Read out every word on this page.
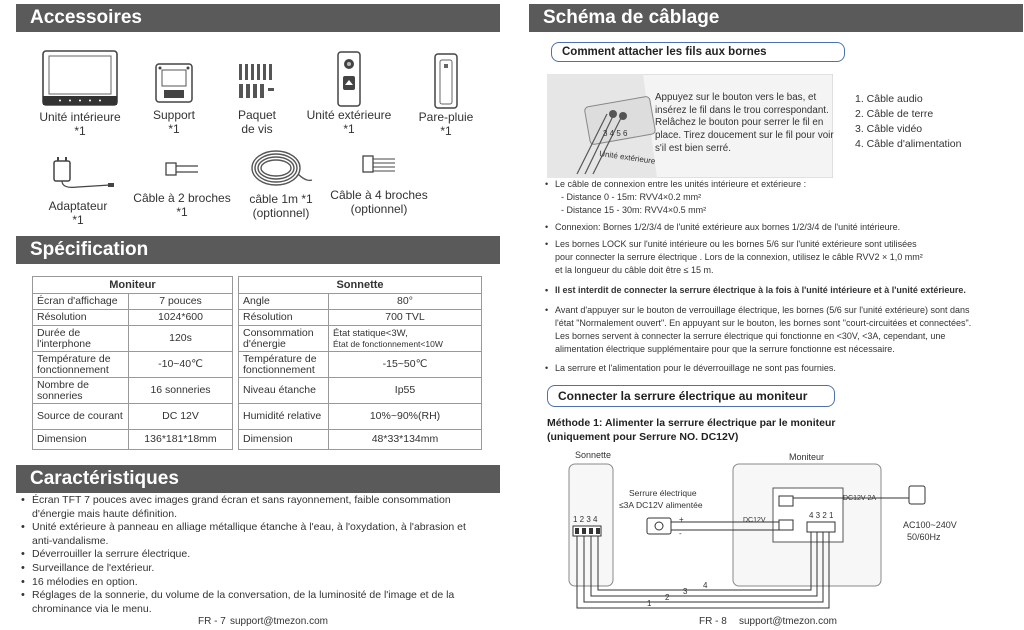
Accessoires
Unité intérieure
*1
Support
*1
Paquet
de vis
Unité extérieure
*1
Pare-pluie
*1
Adaptateur
*1
Câble à 2 broches
*1
câble 1m *1
(optionnel)
Câble à 4 broches
(optionnel)
Spécification
Moniteur			Sonnette	
Écran d'affichage	7 pouces		Angle	80°
Résolution	1024*600		Résolution	700 TVL
Durée de l'interphone	120s		Consommation d'énergie	État statique<3W,
État de fonctionnement<10W

Température de fonctionnement	-10~40℃		Température de fonctionnement	-15~50℃
Nombre de sonneries	16 sonneries		Niveau étanche	Ip55
Source de courant	DC 12V		Humidité relative	10%~90%(RH)
Dimension	136*181*18mm		Dimension	48*33*134mm
Caractéristiques
• Écran TFT 7 pouces avec images grand écran et sans rayonnement, faible consommation d'énergie mais haute définition.
• Unité extérieure à panneau en alliage métallique étanche à l'eau, à l'oxydation, à l'abrasion et anti-vandalisme.
• Déverrouiller la serrure électrique.
• Surveillance de l'extérieur.
• 16 mélodies en option.
• Réglages de la sonnerie, du volume de la conversation, de la luminosité de l'image et de la chrominance via le menu.
FR - 7 support@tmezon.com
Schéma de câblage
Comment attacher les fils aux bornes
3 4 5 6
Unité extérieure
Appuyez sur le bouton vers le bas, et insérez le fil dans le trou correspondant. Relâchez le bouton pour serrer le fil en place. Tirez doucement sur le fil pour voir s'il est bien serré.
1. Câble audio
2. Câble de terre
3. Câble vidéo
4. Câble d'alimentation
• Le câble de connexion entre les unités intérieure et extérieure :
- Distance 0 - 15m: RVV4×0.2 mm²
- Distance 15 - 30m: RVV4×0.5 mm²
• Connexion: Bornes 1/2/3/4 de l'unité extérieure aux bornes 1/2/3/4 de l'unité intérieure.
• Les bornes LOCK sur l'unité intérieure ou les bornes 5/6 sur l'unité extérieure sont utilisées
pour connecter la serrure électrique . Lors de la connexion, utilisez le câble RVV2 × 1,0 mm²
et la longueur du câble doit être ≤ 15 m.
• Il est interdit de connecter la serrure électrique à la fois à l'unité intérieure et à l'unité extérieure.
• Avant d'appuyer sur le bouton de verrouillage électrique, les bornes (5/6 sur l'unité extérieure) sont dans
l'état "Normalement ouvert". En appuyant sur le bouton, les bornes sont "court-circuitées et connectées".
Les bornes servent à connecter la serrure électrique qui fonctionne en <30V, <3A, cependant, une
alimentation électrique supplémentaire pour que la serrure fonctionne est nécessaire.
• La serrure et l'alimentation pour le déverrouillage ne sont pas fournies.
Connecter la serrure électrique au moniteur
Méthode 1: Alimenter la serrure électrique par le moniteur
(uniquement pour Serrure NO. DC12V)
Sonnette	Moniteur
1 2 3 4	4 3 2 1
DC12V 2A
DC12V
Serrure électrique
≤3A DC12V alimentée
+
-
AC100~240V
50/60Hz
4
3
2
1
FR - 8 support@tmezon.com
